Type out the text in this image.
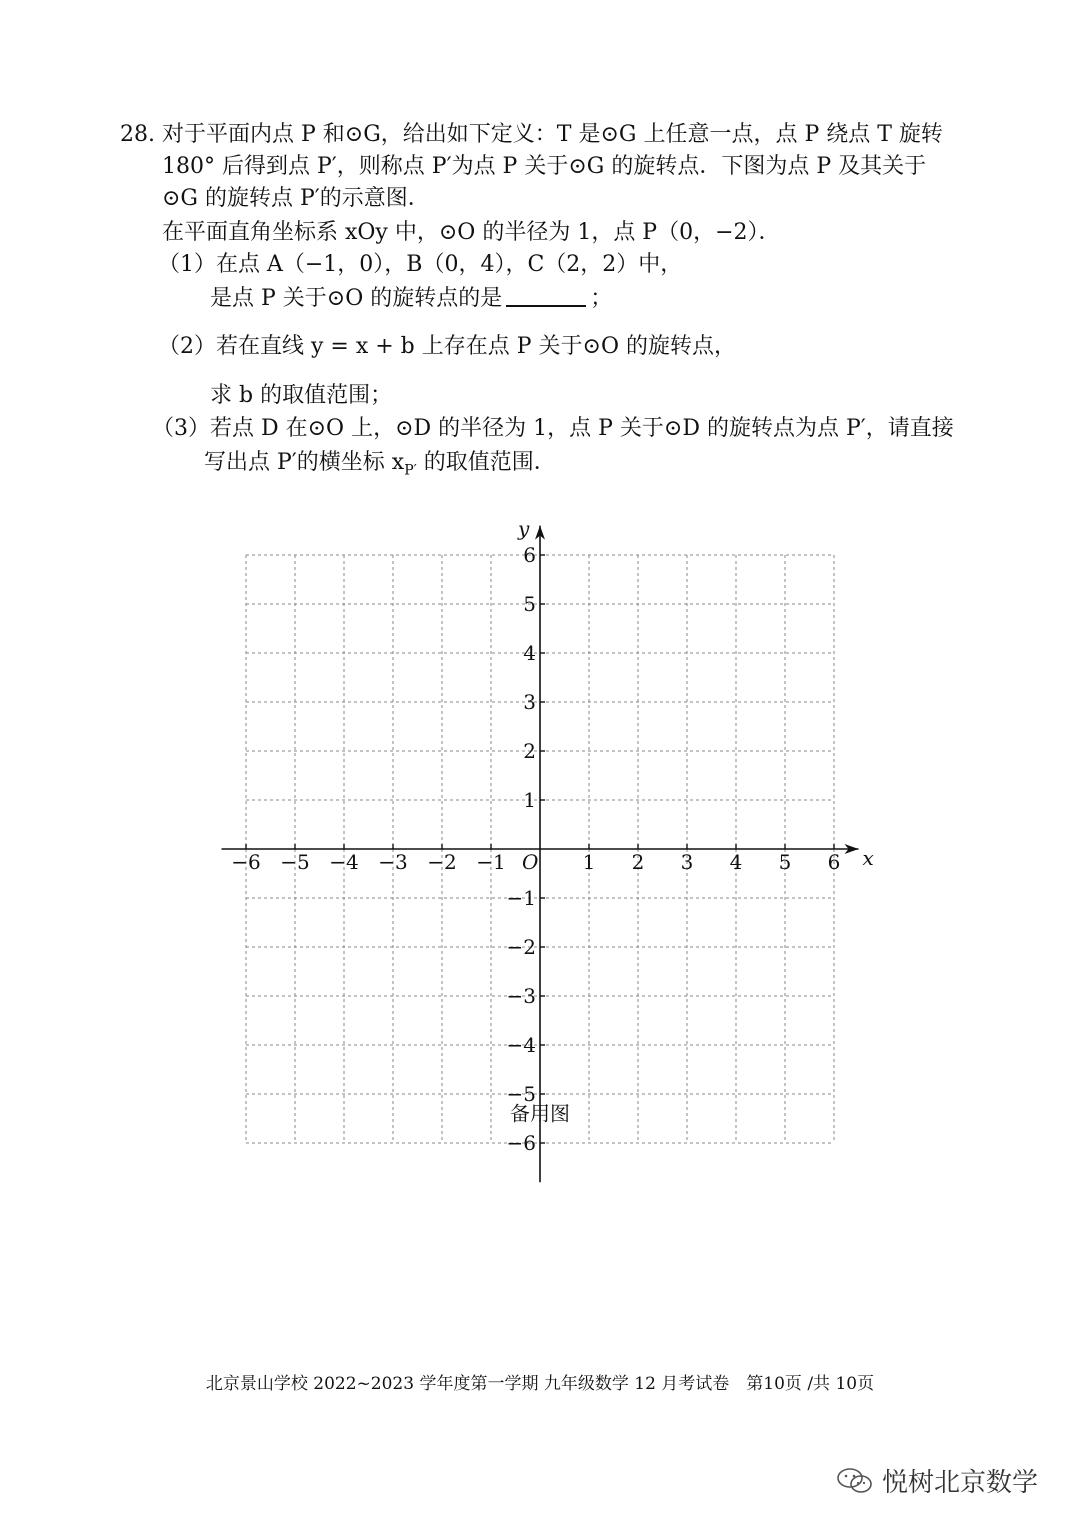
28. 对于平面内点 P 和⊙G，给出如下定义：T 是⊙G 上任意一点，点 P 绕点 T 旋转
180° 后得到点 P′，则称点 P′为点 P 关于⊙G 的旋转点．下图为点 P 及其关于
⊙G 的旋转点 P′的示意图．
在平面直角坐标系 xOy 中，⊙O 的半径为 1，点 P（0，−2）．
（1）在点 A（−1，0），B（0，4），C（2，2）中，
是点 P 关于⊙O 的旋转点的是	；
（2）若在直线 y = x + b 上存在点 P 关于⊙O 的旋转点，
求 b 的取值范围；
（3）若点 D 在⊙O 上，⊙D 的半径为 1，点 P 关于⊙D 的旋转点为点 P′，请直接
写出点 P′的横坐标 $x_{P'}$ 的取值范围．
−6 −5 −4 −3 −2 −1	1 2 3 4 5 6
6
5
4
3
2
1
−1
−2
−3
−4
−5
−6
x
y
O
备用图
北京景山学校 2022~2023 学年度第一学期 九年级数学 12 月考试卷　第10页 /共 10页
悦树北京数学
